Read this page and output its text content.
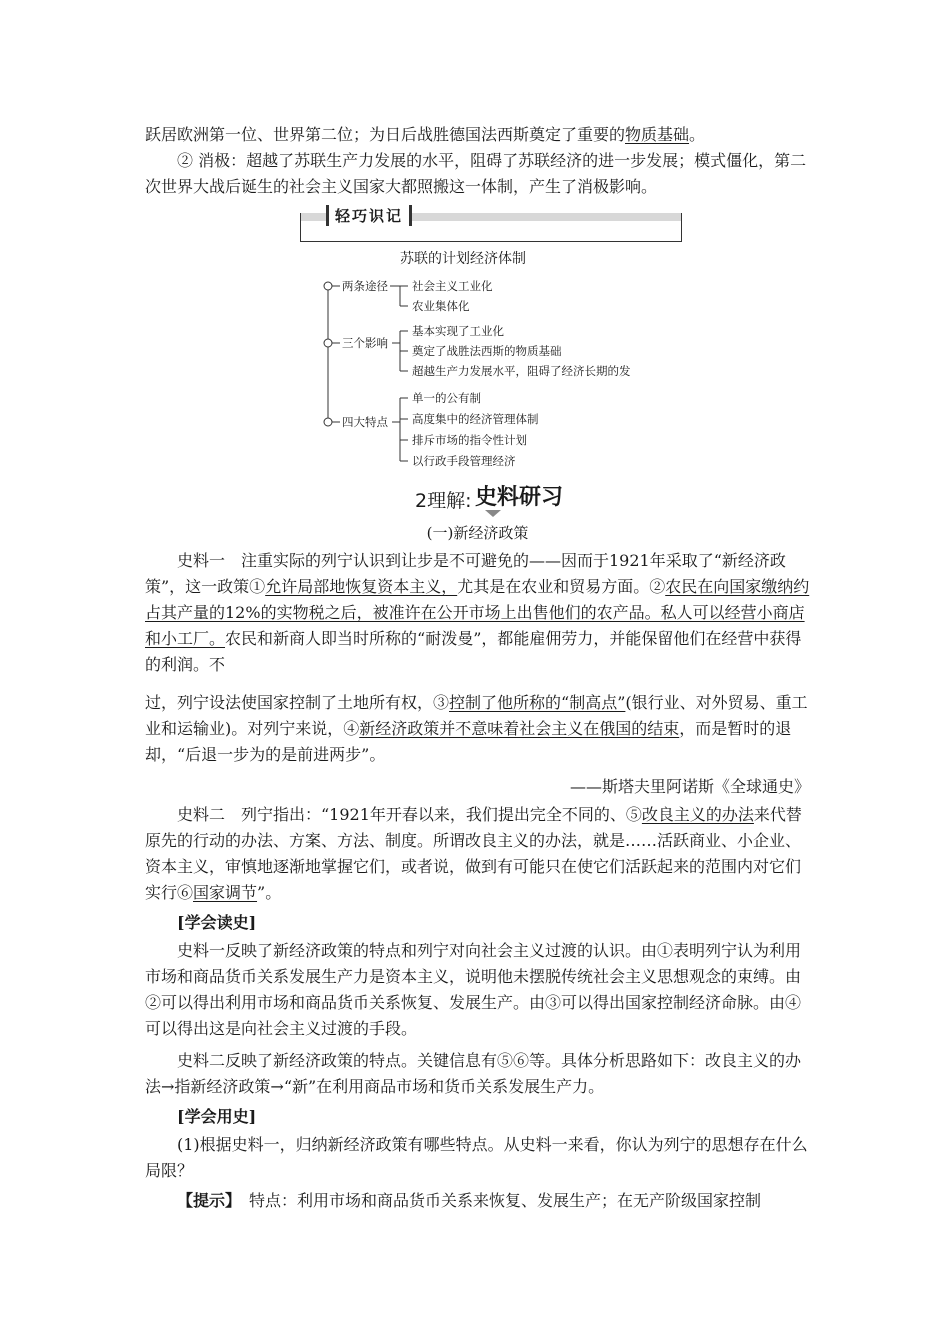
跃居欧洲第一位、世界第二位；为日后战胜德国法西斯奠定了重要的物质基础。
② 消极：超越了苏联生产力发展的水平，阻碍了苏联经济的进一步发展；模式僵化，第二次世界大战后诞生的社会主义国家大都照搬这一体制，产生了消极影响。
轻巧识记
苏联的计划经济体制
两条途径 社会主义工业化
农业集体化
三个影响
基本实现了工业化
奠定了战胜法西斯的物质基础
超越生产力发展水平，阻碍了经济长期的发
四大特点
单一的公有制
高度集中的经济管理体制
排斥市场的指令性计划
以行政手段管理经济
2理解: 史料研习
(一)新经济政策
史料一　注重实际的列宁认识到让步是不可避免的——因而于1921年采取了“新经济政策”，这一政策①允许局部地恢复资本主义，尤其是在农业和贸易方面。②农民在向国家缴纳约占其产量的12%的实物税之后，被准许在公开市场上出售他们的农产品。私人可以经营小商店和小工厂。农民和新商人即当时所称的“耐泼曼”，都能雇佣劳力，并能保留他们在经营中获得的利润。不
过，列宁设法使国家控制了土地所有权，③控制了他所称的“制高点”(银行业、对外贸易、重工业和运输业)。对列宁来说，④新经济政策并不意味着社会主义在俄国的结束，而是暂时的退却，“后退一步为的是前进两步”。
——斯塔夫里阿诺斯《全球通史》
史料二　列宁指出：“1921年开春以来，我们提出完全不同的、⑤改良主义的办法来代替原先的行动的办法、方案、方法、制度。所谓改良主义的办法，就是……活跃商业、小企业、资本主义，审慎地逐渐地掌握它们，或者说，做到有可能只在使它们活跃起来的范围内对它们实行⑥国家调节”。
[学会读史]
史料一反映了新经济政策的特点和列宁对向社会主义过渡的认识。由①表明列宁认为利用市场和商品货币关系发展生产力是资本主义，说明他未摆脱传统社会主义思想观念的束缚。由②可以得出利用市场和商品货币关系恢复、发展生产。由③可以得出国家控制经济命脉。由④可以得出这是向社会主义过渡的手段。
史料二反映了新经济政策的特点。关键信息有⑤⑥等。具体分析思路如下：改良主义的办法→指新经济政策→“新”在利用商品市场和货币关系发展生产力。
[学会用史]
(1)根据史料一，归纳新经济政策有哪些特点。从史料一来看，你认为列宁的思想存在什么局限？
【提示】　特点：利用市场和商品货币关系来恢复、发展生产；在无产阶级国家控制
